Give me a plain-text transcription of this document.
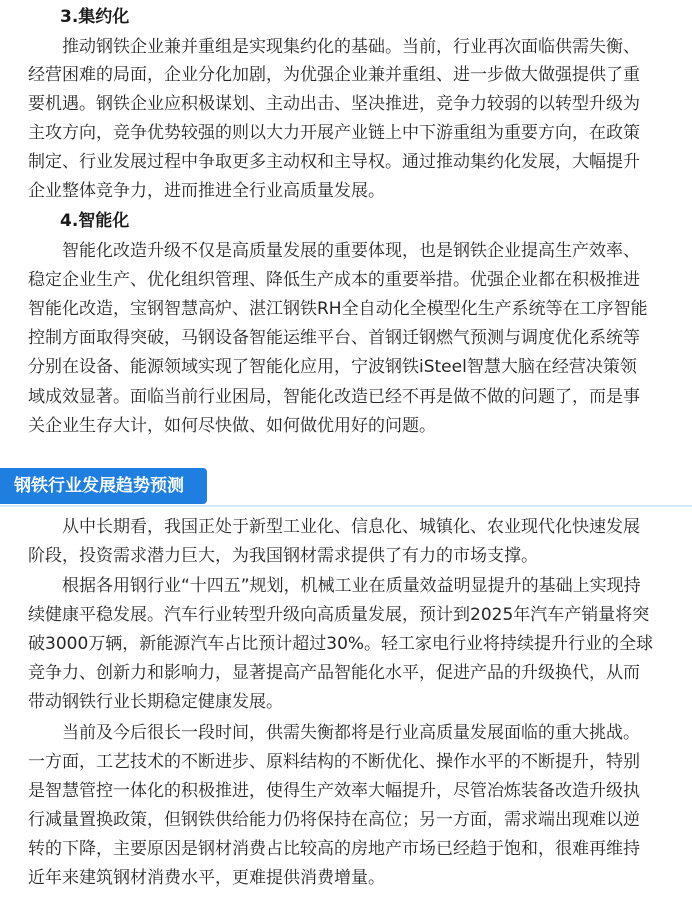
3.集约化
推动钢铁企业兼并重组是实现集约化的基础。当前，行业再次面临供需失衡、
经营困难的局面，企业分化加剧，为优强企业兼并重组、进一步做大做强提供了重
要机遇。钢铁企业应积极谋划、主动出击、坚决推进，竞争力较弱的以转型升级为
主攻方向，竞争优势较强的则以大力开展产业链上中下游重组为重要方向，在政策
制定、行业发展过程中争取更多主动权和主导权。通过推动集约化发展，大幅提升
企业整体竞争力，进而推进全行业高质量发展。
4.智能化
智能化改造升级不仅是高质量发展的重要体现，也是钢铁企业提高生产效率、
稳定企业生产、优化组织管理、降低生产成本的重要举措。优强企业都在积极推进
智能化改造，宝钢智慧高炉、湛江钢铁RH全自动化全模型化生产系统等在工序智能
控制方面取得突破，马钢设备智能运维平台、首钢迁钢燃气预测与调度优化系统等
分别在设备、能源领域实现了智能化应用，宁波钢铁iSteel智慧大脑在经营决策领
域成效显著。面临当前行业困局，智能化改造已经不再是做不做的问题了，而是事
关企业生存大计，如何尽快做、如何做优用好的问题。
钢铁行业发展趋势预测
从中长期看，我国正处于新型工业化、信息化、城镇化、农业现代化快速发展
阶段，投资需求潜力巨大，为我国钢材需求提供了有力的市场支撑。
根据各用钢行业“十四五”规划，机械工业在质量效益明显提升的基础上实现持
续健康平稳发展。汽车行业转型升级向高质量发展，预计到2025年汽车产销量将突
破3000万辆，新能源汽车占比预计超过30%。轻工家电行业将持续提升行业的全球
竞争力、创新力和影响力，显著提高产品智能化水平，促进产品的升级换代，从而
带动钢铁行业长期稳定健康发展。
当前及今后很长一段时间，供需失衡都将是行业高质量发展面临的重大挑战。
一方面，工艺技术的不断进步、原料结构的不断优化、操作水平的不断提升，特别
是智慧管控一体化的积极推进，使得生产效率大幅提升，尽管冶炼装备改造升级执
行减量置换政策，但钢铁供给能力仍将保持在高位；另一方面，需求端出现难以逆
转的下降，主要原因是钢材消费占比较高的房地产市场已经趋于饱和，很难再维持
近年来建筑钢材消费水平，更难提供消费增量。
